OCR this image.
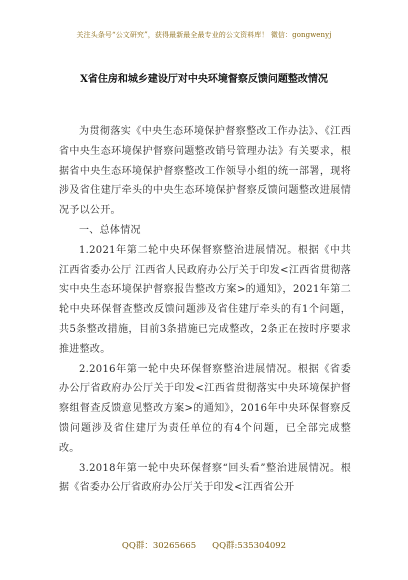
关注头条号“公文研究”，获得最新最全最专业的公文资料库！ 微信：gongwenyj
X省住房和城乡建设厅对中央环境督察反馈问题整改情况

为贯彻落实《中央生态环境保护督察整改工作办法》、《江西省中央生态环境保护督察问题整改销号管理办法》有关要求，根据省中央生态环境保护督察整改工作领导小组的统一部署，现将涉及省住建厅牵头的中央生态环境保护督察反馈问题整改进展情况予以公开。

一、总体情况

1.2021年第二轮中央环保督察整治进展情况。根据《中共江西省委办公厅 江西省人民政府办公厅关于印发<江西省贯彻落实中央生态环境保护督察报告整改方案>的通知》，2021年第二轮中央环保督查整改反馈问题涉及省住建厅牵头的有1个问题，共5条整改措施，目前3条措施已完成整改，2条正在按时序要求推进整改。

2.2016年第一轮中央环保督察整治进展情况。根据《省委办公厅省政府办公厅关于印发<江西省贯彻落实中央环境保护督察组督查反馈意见整改方案>的通知》，2016年中央环保督察反馈问题涉及省住建厅为责任单位的有4个问题，已全部完成整改。

3.2018年第一轮中央环保督察“回头看”整治进展情况。根据《省委办公厅省政府办公厅关于印发<江西省公开

QQ群：30265665 QQ群:535304092
